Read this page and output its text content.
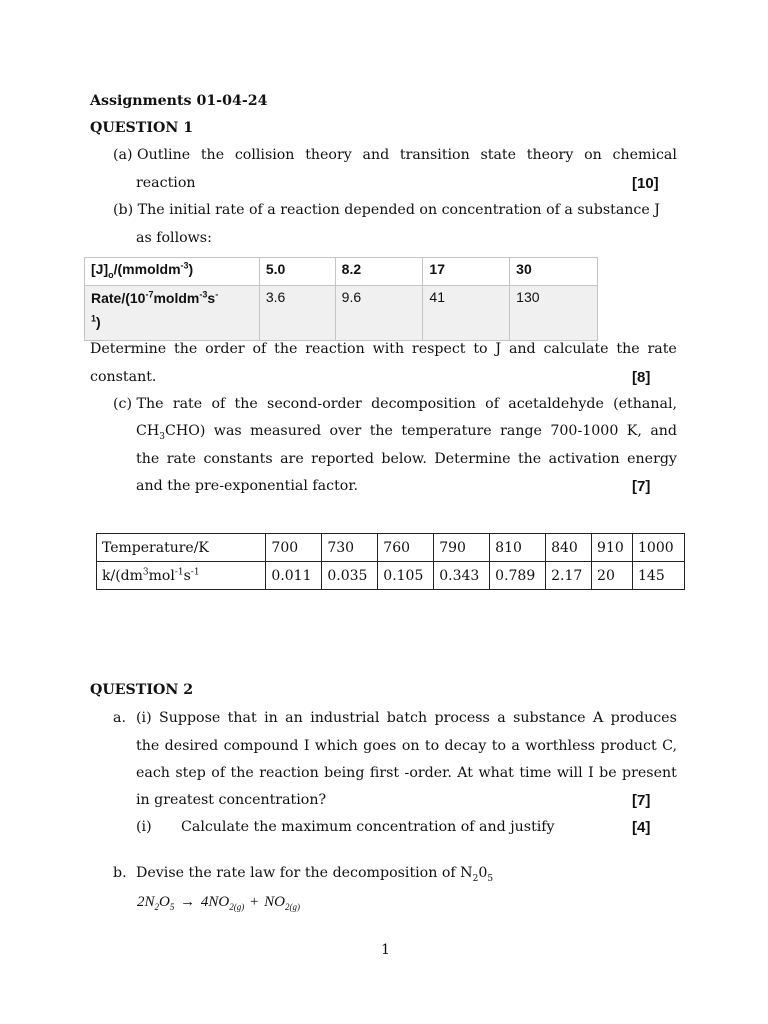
Assignments 01-04-24
QUESTION 1
(a) Outline the collision theory and transition state theory on chemical
reaction	[10]
(b) The initial rate of a reaction depended on concentration of a substance J
as follows:
$[J]_o/(mmoldm^{-3})$	5.0	8.2	17	30
Rate/($10^{-7}moldm^{-3}s^-$
$^1$)	3.6	9.6	41	130
Determine the order of the reaction with respect to J and calculate the rate
constant.	[8]
(c) The rate of the second-order decomposition of acetaldehyde (ethanal,
$CH_3CHO$) was measured over the temperature range 700-1000 K, and
the rate constants are reported below. Determine the activation energy
and the pre-exponential factor.	[7]
Temperature/K	700	730	760	790	810	840	910	1000
$k/(dm^3mol^{-1}s^{-1}$	0.011	0.035	0.105	0.343	0.789	2.17	20	145
QUESTION 2
a. (i) Suppose that in an industrial batch process a substance A produces
the desired compound I which goes on to decay to a worthless product C,
each step of the reaction being first -order. At what time will I be present
in greatest concentration?	[7]
(i) Calculate the maximum concentration of and justify	[4]
b. Devise the rate law for the decomposition of $N_20_5$
$2N_2O_5 \to 4NO_{2(g)} + NO_{2(g)}$
1
